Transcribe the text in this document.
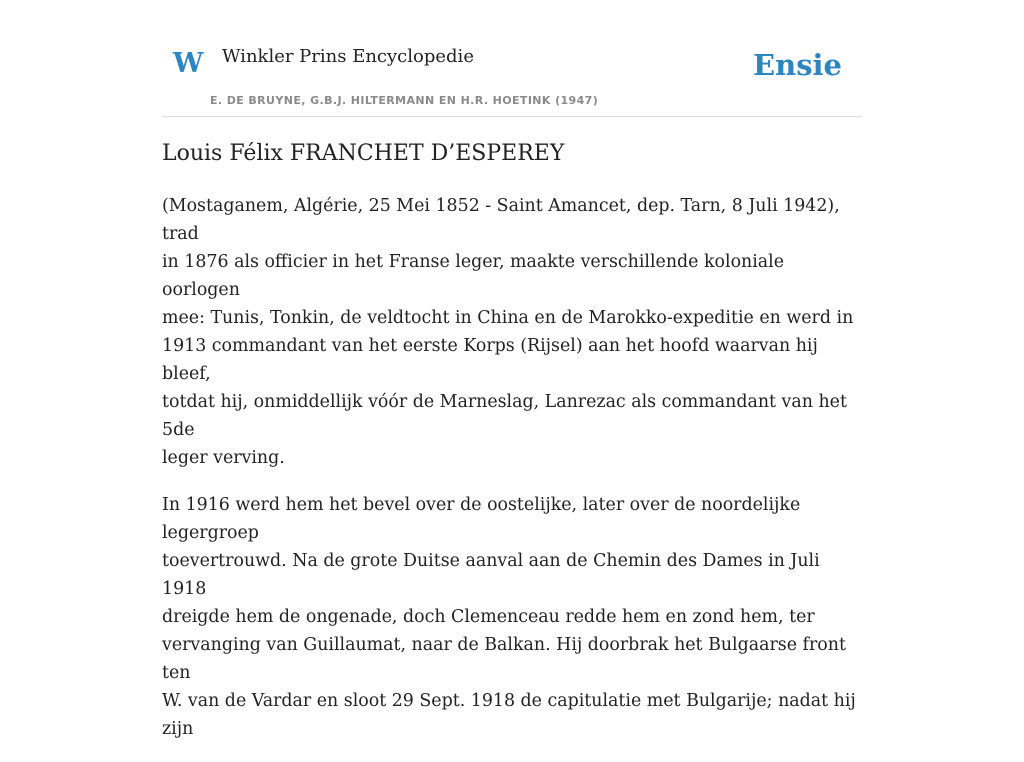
W Winkler Prins Encyclopedie
E. DE BRUYNE, G.B.J. HILTERMANN EN H.R. HOETINK (1947)
Ensie
Louis Félix FRANCHET D’ESPEREY

(Mostaganem, Algérie, 25 Mei 1852 - Saint Amancet, dep. Tarn, 8 Juli 1942), trad
in 1876 als officier in het Franse leger, maakte verschillende koloniale oorlogen
mee: Tunis, Tonkin, de veldtocht in China en de Marokko-expeditie en werd in
1913 commandant van het eerste Korps (Rijsel) aan het hoofd waarvan hij bleef,
totdat hij, onmiddellijk vóór de Marneslag, Lanrezac als commandant van het 5de
leger verving.

In 1916 werd hem het bevel over de oostelijke, later over de noordelijke legergroep
toevertrouwd. Na de grote Duitse aanval aan de Chemin des Dames in Juli 1918
dreigde hem de ongenade, doch Clemenceau redde hem en zond hem, ter
vervanging van Guillaumat, naar de Balkan. Hij doorbrak het Bulgaarse front ten
W. van de Vardar en sloot 29 Sept. 1918 de capitulatie met Bulgarije; nadat hij zijn
